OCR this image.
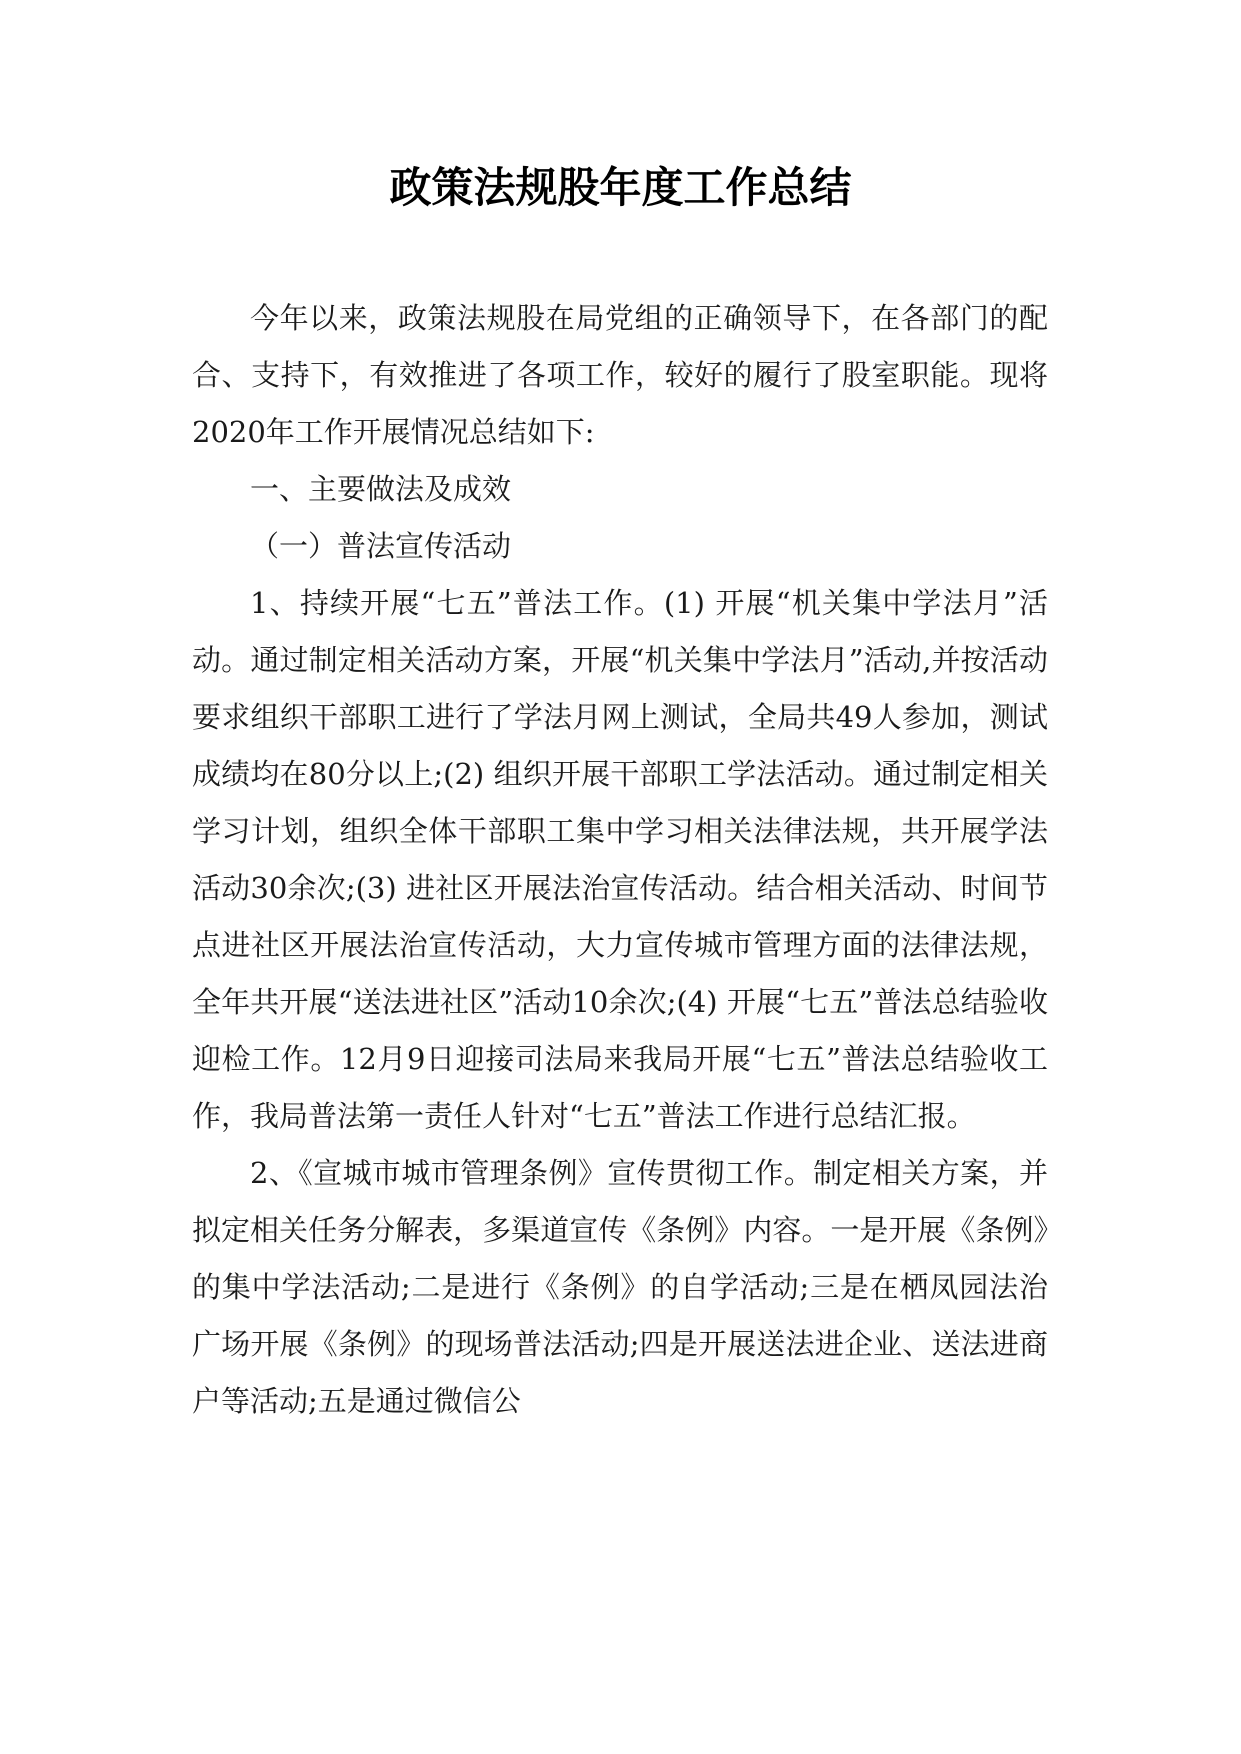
政策法规股年度工作总结

今年以来，政策法规股在局党组的正确领导下，在各部门的配合、支持下，有效推进了各项工作，较好的履行了股室职能。现将2020年工作开展情况总结如下:

一、主要做法及成效

（一）普法宣传活动

1、持续开展“七五”普法工作。(1) 开展“机关集中学法月”活动。通过制定相关活动方案，开展“机关集中学法月”活动,并按活动要求组织干部职工进行了学法月网上测试，全局共49人参加，测试成绩均在80分以上;(2) 组织开展干部职工学法活动。通过制定相关学习计划，组织全体干部职工集中学习相关法律法规，共开展学法活动30余次;(3) 进社区开展法治宣传活动。结合相关活动、时间节点进社区开展法治宣传活动，大力宣传城市管理方面的法律法规，全年共开展“送法进社区”活动10余次;(4) 开展“七五”普法总结验收迎检工作。12月9日迎接司法局来我局开展“七五”普法总结验收工作，我局普法第一责任人针对“七五”普法工作进行总结汇报。

2、《宣城市城市管理条例》宣传贯彻工作。制定相关方案，并拟定相关任务分解表，多渠道宣传《条例》内容。一是开展《条例》的集中学法活动;二是进行《条例》的自学活动;三是在栖凤园法治广场开展《条例》的现场普法活动;四是开展送法进企业、送法进商户等活动;五是通过微信公
